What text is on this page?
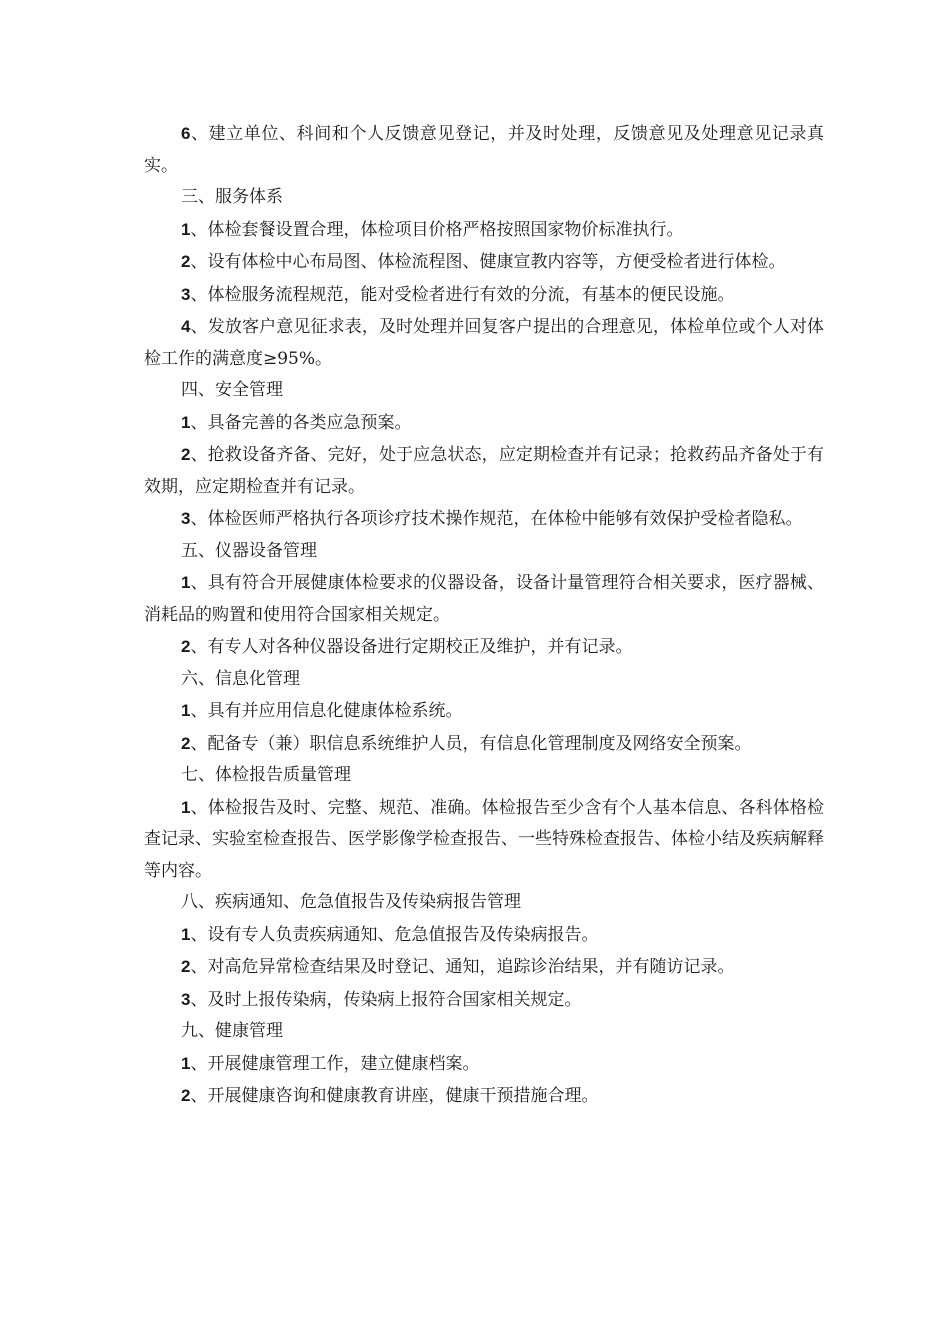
6、建立单位、科间和个人反馈意见登记，并及时处理，反馈意见及处理意见记录真实。

三、服务体系

1、体检套餐设置合理，体检项目价格严格按照国家物价标准执行。

2、设有体检中心布局图、体检流程图、健康宣教内容等，方便受检者进行体检。

3、体检服务流程规范，能对受检者进行有效的分流，有基本的便民设施。

4、发放客户意见征求表，及时处理并回复客户提出的合理意见，体检单位或个人对体检工作的满意度≥95%。

四、安全管理

1、具备完善的各类应急预案。

2、抢救设备齐备、完好，处于应急状态，应定期检查并有记录；抢救药品齐备处于有效期，应定期检查并有记录。

3、体检医师严格执行各项诊疗技术操作规范，在体检中能够有效保护受检者隐私。

五、仪器设备管理

1、具有符合开展健康体检要求的仪器设备，设备计量管理符合相关要求，医疗器械、消耗品的购置和使用符合国家相关规定。

2、有专人对各种仪器设备进行定期校正及维护，并有记录。

六、信息化管理

1、具有并应用信息化健康体检系统。

2、配备专（兼）职信息系统维护人员，有信息化管理制度及网络安全预案。

七、体检报告质量管理

1、体检报告及时、完整、规范、准确。体检报告至少含有个人基本信息、各科体格检查记录、实验室检查报告、医学影像学检查报告、一些特殊检查报告、体检小结及疾病解释等内容。

八、疾病通知、危急值报告及传染病报告管理

1、设有专人负责疾病通知、危急值报告及传染病报告。

2、对高危异常检查结果及时登记、通知，追踪诊治结果，并有随访记录。

3、及时上报传染病，传染病上报符合国家相关规定。

九、健康管理

1、开展健康管理工作，建立健康档案。

2、开展健康咨询和健康教育讲座，健康干预措施合理。
